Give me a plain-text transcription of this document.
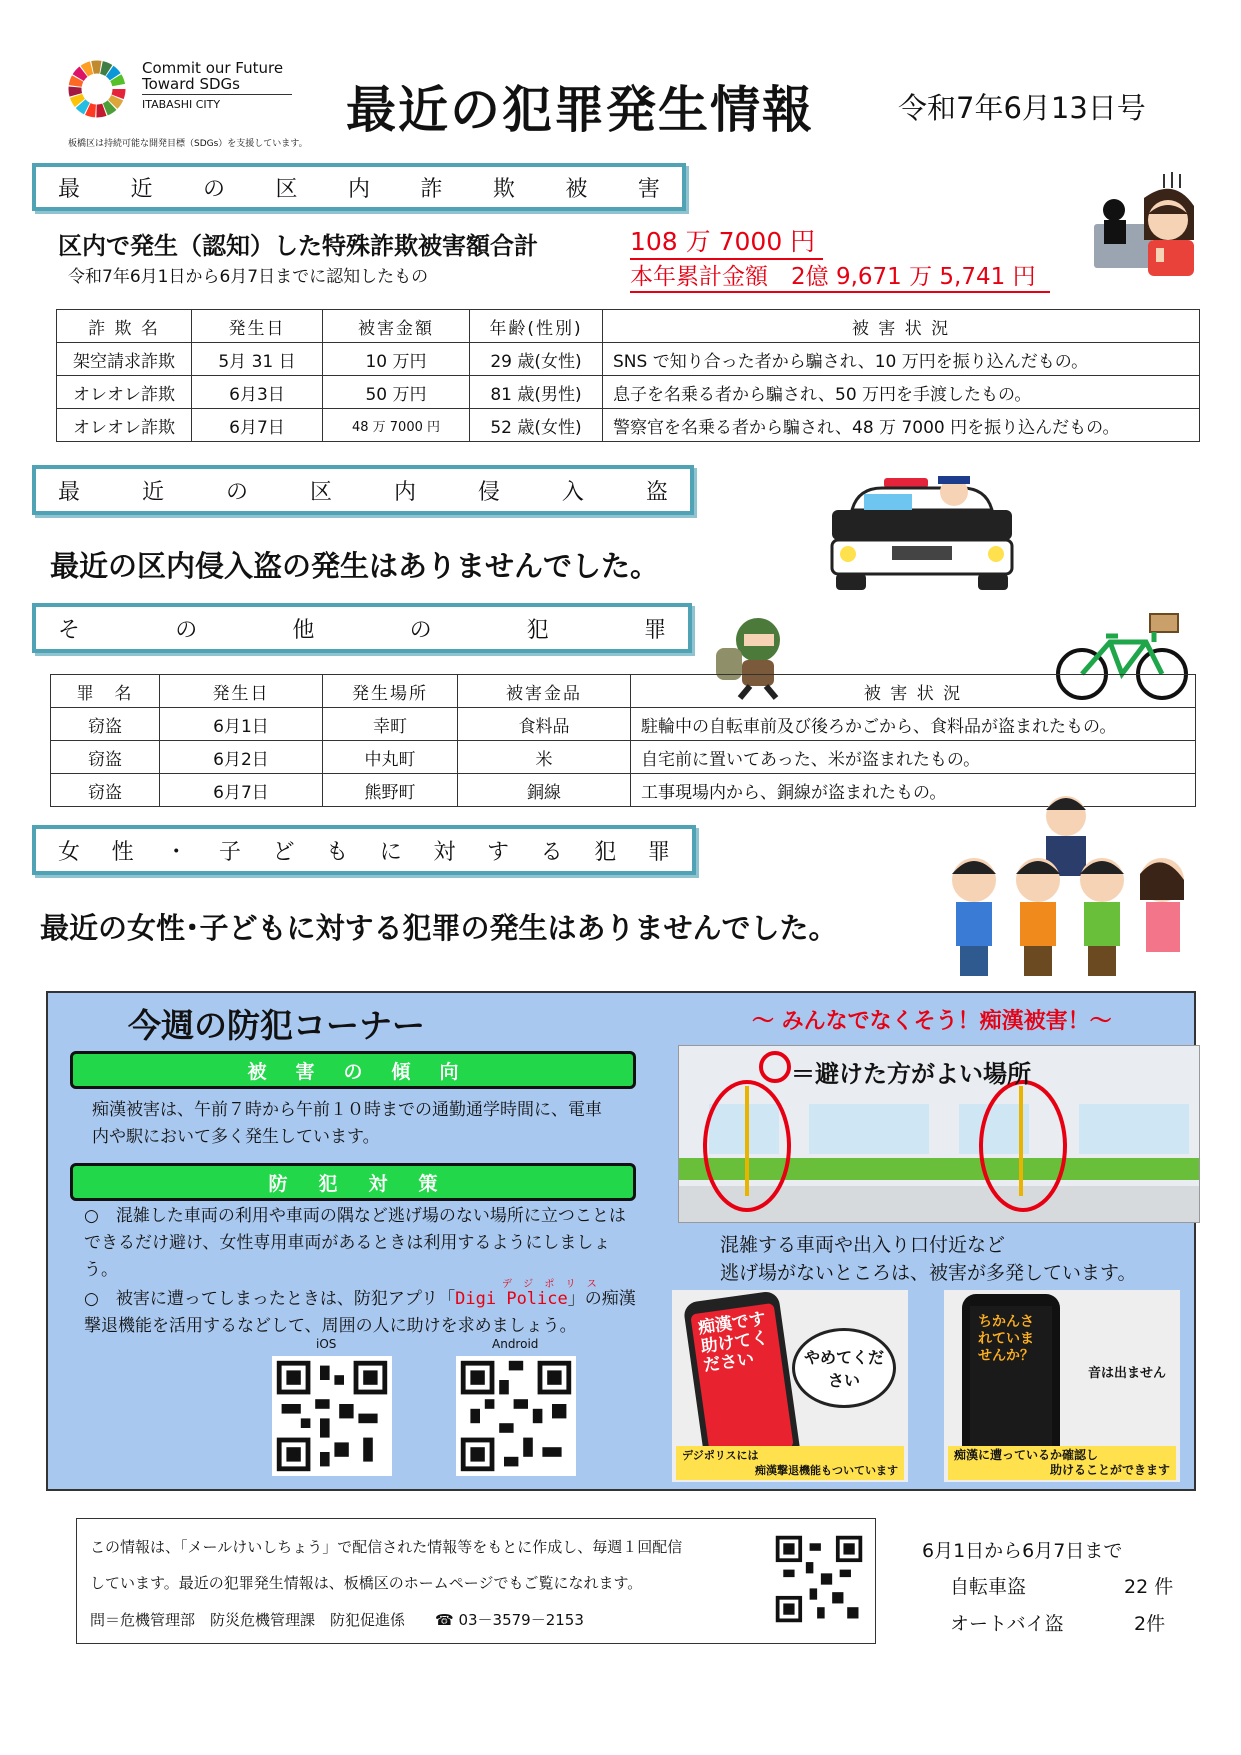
Commit our Future
Toward SDGs
ITABASHI CITY
板橋区は持続可能な開発目標（SDGs）を支援しています。
最近の犯罪発生情報	令和7年6月13日号
最 近 の 区 内 詐 欺 被 害
区内で発生（認知）した特殊詐欺被害額合計
令和7年6月1日から6月7日までに認知したもの
108 万 7000 円
本年累計金額　2億 9,671 万 5,741 円
詐 欺 名	発生日	被害金額	年齢(性別)	被 害 状 況
架空請求詐欺	5月 31 日	10 万円	29 歳(女性)	SNS で知り合った者から騙され、10 万円を振り込んだもの。
オレオレ詐欺	6月3日	50 万円	81 歳(男性)	息子を名乗る者から騙され、50 万円を手渡したもの。
オレオレ詐欺	6月7日	48 万 7000 円	52 歳(女性)	警察官を名乗る者から騙され、48 万 7000 円を振り込んだもの。
最	近	の	区	内	侵	入	盗
最近の区内侵入盗の発生はありませんでした。
そ	の	他	の	犯	罪
罪　名	発生日	発生場所	被害金品	被 害 状 況
窃盗	6月1日	幸町	食料品	駐輪中の自転車前及び後ろかごから、食料品が盗まれたもの。
窃盗	6月2日	中丸町	米	自宅前に置いてあった、米が盗まれたもの。
窃盗	6月7日	熊野町	銅線	工事現場内から、銅線が盗まれたもの。
女 性 ・ 子 ど も に 対 す る 犯 罪
最近の女性･子どもに対する犯罪の発生はありませんでした。
今週の防犯コーナー	～ みんなでなくそう！痴漢被害！～
被 害 の 傾 向
痴漢被害は、午前７時から午前１０時までの通勤通学時間に、電車内や駅において多く発生しています。
防 犯 対 策
○　混雑した車両の利用や車両の隅など逃げ場のない場所に立つことはできるだけ避け、女性専用車両があるときは利用するようにしましょう。
デ ジ ポ リ ス
○　被害に遭ってしまったときは、防犯アプリ「Digi Police」の痴漢撃退機能を活用するなどして、周囲の人に助けを求めましょう。
iOS	Android
＝避けた方がよい場所
混雑する車両や出入り口付近など
逃げ場がないところは、被害が多発しています。
痴漢です助けてください	やめてください
デジポリスには
痴漢撃退機能もついています
ちかんされていませんか？
音は出ません
痴漢に遭っているか確認し
助けることができます
この情報は、「メールけいしちょう」で配信された情報等をもとに作成し、毎週１回配信
しています。最近の犯罪発生情報は、板橋区のホームページでもご覧になれます。
問＝危機管理部　防災危機管理課　防犯促進係　　☎ 03－3579－2153
6月1日から6月7日まで
自転車盗	22 件
オートバイ盗	2件
